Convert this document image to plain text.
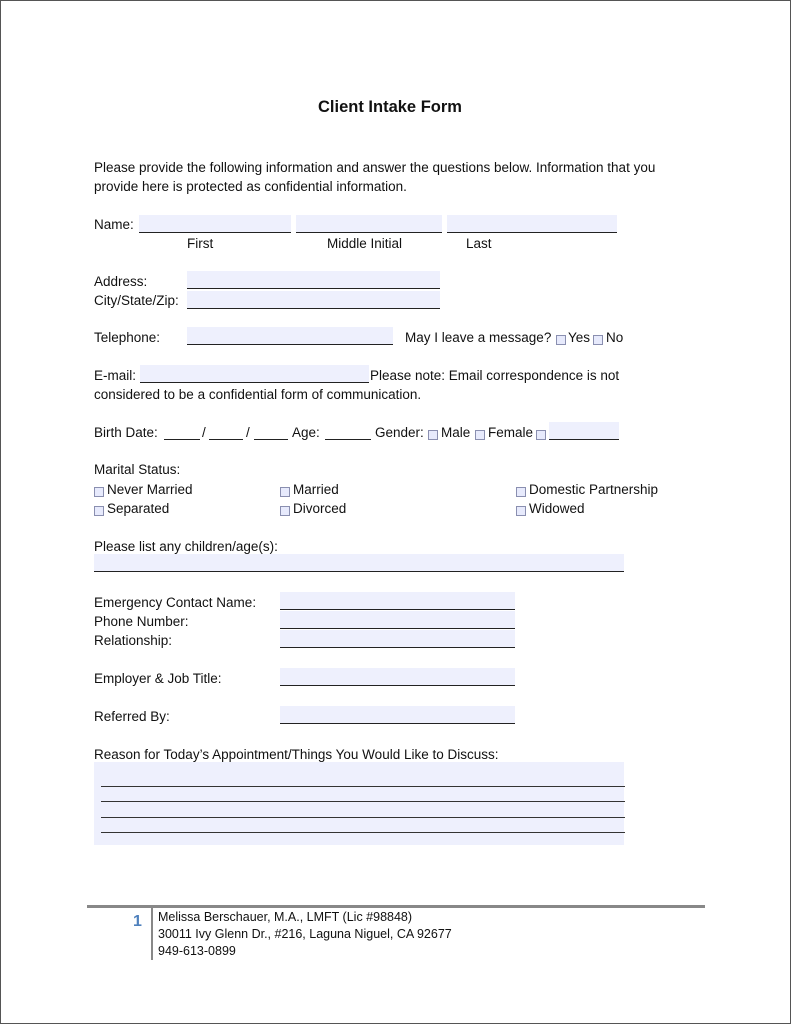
Client Intake Form
Please provide the following information and answer the questions below. Information that you
provide here is protected as confidential information.
Name:
First	Middle Initial	Last
Address:
City/State/Zip:
Telephone:	May I leave a message? Yes No
E-mail:	Please note: Email correspondence is not
considered to be a confidential form of communication.
Birth Date:	/	/	Age:	Gender: Male Female
Marital Status:
Never Married	Married	Domestic Partnership
Separated	Divorced	Widowed
Please list any children/age(s):
Emergency Contact Name:
Phone Number:
Relationship:
Employer & Job Title:
Referred By:
Reason for Today’s Appointment/Things You Would Like to Discuss:
1 Melissa Berschauer, M.A., LMFT (Lic #98848)
30011 Ivy Glenn Dr., #216, Laguna Niguel, CA 92677
949-613-0899
